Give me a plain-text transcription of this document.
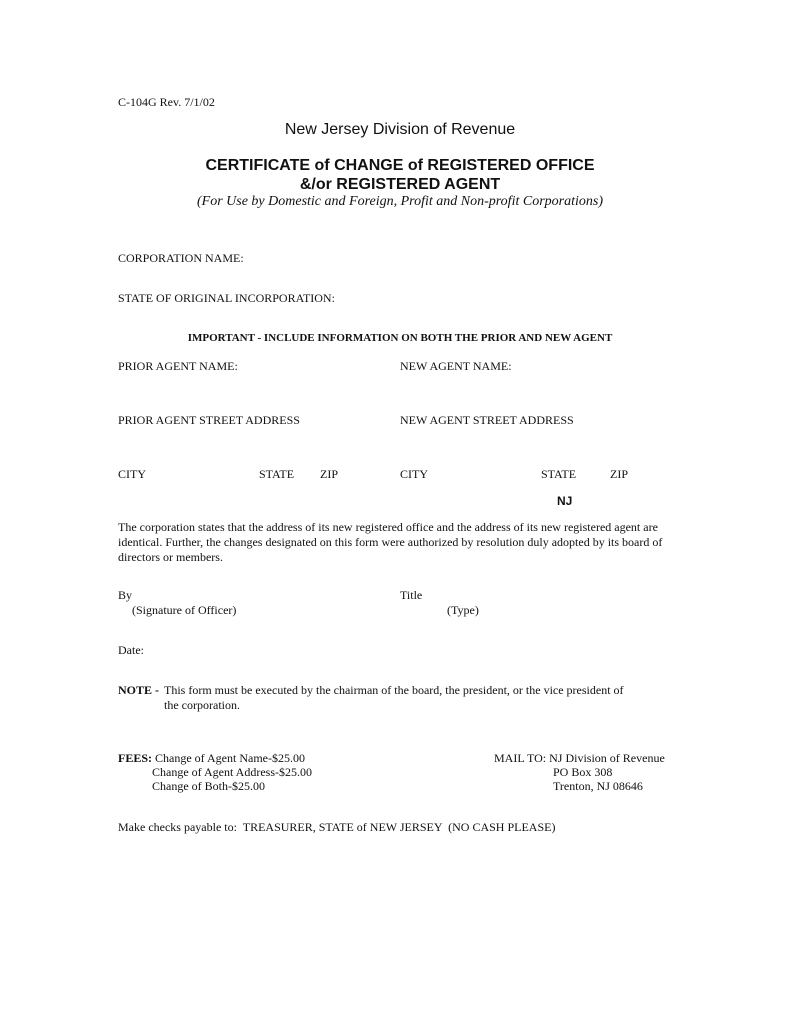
C-104G Rev. 7/1/02
New Jersey Division of Revenue
CERTIFICATE of CHANGE of REGISTERED OFFICE
&/or REGISTERED AGENT
(For Use by Domestic and Foreign, Profit and Non-profit Corporations)
CORPORATION NAME:
STATE OF ORIGINAL INCORPORATION:
IMPORTANT - INCLUDE INFORMATION ON BOTH THE PRIOR AND NEW AGENT
PRIOR AGENT NAME:	NEW AGENT NAME:
PRIOR AGENT STREET ADDRESS	NEW AGENT STREET ADDRESS
CITY	STATE ZIP	CITY	STATE	ZIP
NJ
The corporation states that the address of its new registered office and the address of its new registered agent are identical. Further, the changes designated on this form were authorized by resolution duly adopted by its board of directors or members.
By
(Signature of Officer)
Title
(Type)
Date:
NOTE - This form must be executed by the chairman of the board, the president, or the vice president of the corporation.
FEES: Change of Agent Name-$25.00
Change of Agent Address-$25.00
Change of Both-$25.00
MAIL TO: NJ Division of Revenue
PO Box 308
Trenton, NJ 08646
Make checks payable to:  TREASURER, STATE of NEW JERSEY  (NO CASH PLEASE)
